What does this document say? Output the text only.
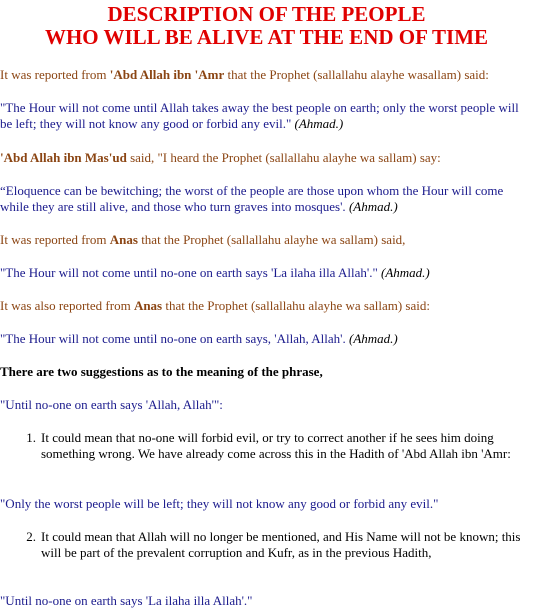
DESCRIPTION OF THE PEOPLE
WHO WILL BE ALIVE AT THE END OF TIME

It was reported from 'Abd Allah ibn 'Amr that the Prophet (sallallahu alayhe wasallam) said:

"The Hour will not come until Allah takes away the best people on earth; only the worst people will be left; they will not know any good or forbid any evil." (Ahmad.)

'Abd Allah ibn Mas'ud said, "I heard the Prophet (sallallahu alayhe wa sallam) say:

“Eloquence can be bewitching; the worst of the people are those upon whom the Hour will come while they are still alive, and those who turn graves into mosques'. (Ahmad.)

It was reported from Anas that the Prophet (sallallahu alayhe wa sallam) said,

"The Hour will not come until no-one on earth says 'La ilaha illa Allah'." (Ahmad.)

It was also reported from Anas that the Prophet (sallallahu alayhe wa sallam) said:

"The Hour will not come until no-one on earth says, 'Allah, Allah'. (Ahmad.)

There are two suggestions as to the meaning of the phrase,

"Until no-one on earth says 'Allah, Allah'":

1. It could mean that no-one will forbid evil, or try to correct another if he sees him doing something wrong. We have already come across this in the Hadith of 'Abd Allah ibn 'Amr:

"Only the worst people will be left; they will not know any good or forbid any evil."

2. It could mean that Allah will no longer be mentioned, and His Name will not be known; this will be part of the prevalent corruption and Kufr, as in the previous Hadith,

"Until no-one on earth says 'La ilaha illa Allah'."
